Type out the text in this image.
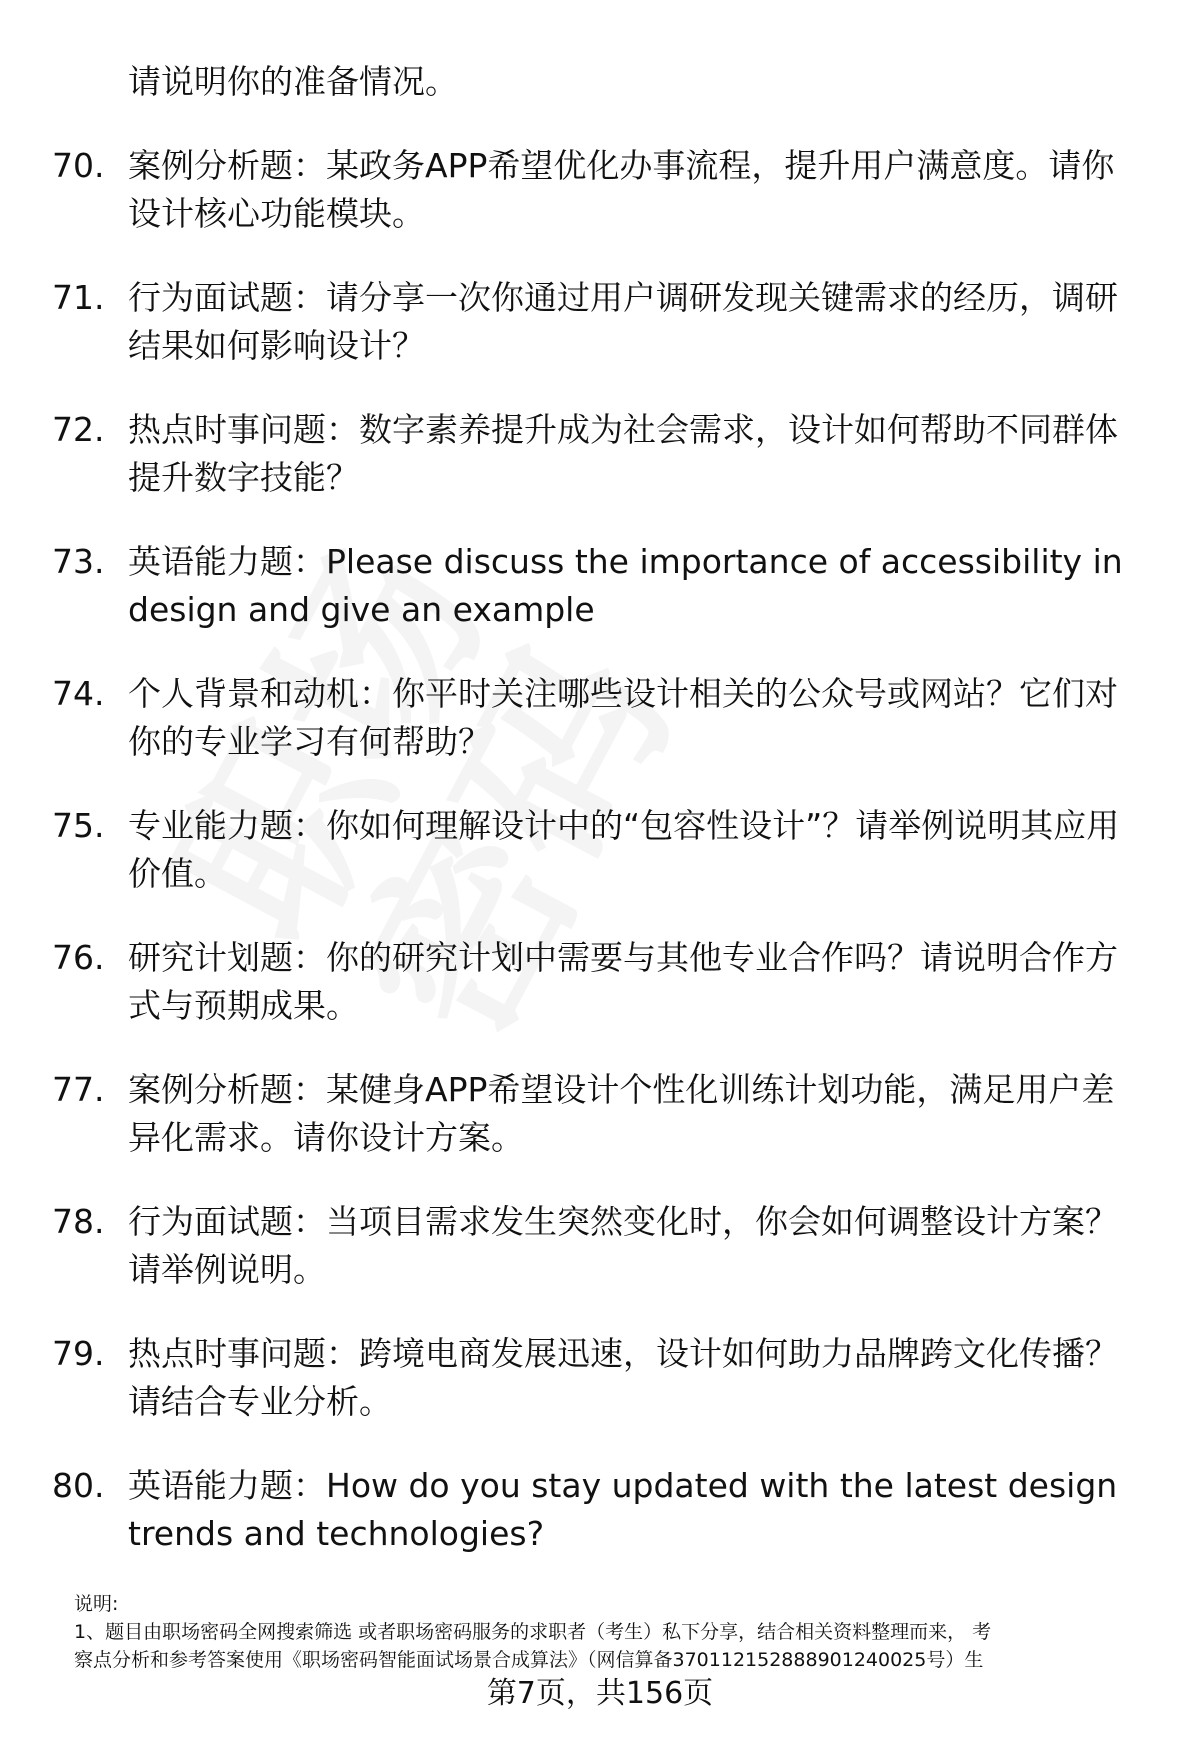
请说明你的准备情况。
70. 案例分析题：某政务APP希望优化办事流程，提升用户满意度。请你设计核心功能模块。
71. 行为面试题：请分享一次你通过用户调研发现关键需求的经历，调研结果如何影响设计？
72. 热点时事问题：数字素养提升成为社会需求，设计如何帮助不同群体提升数字技能？
73. 英语能力题：Please discuss the importance of accessibility in design and give an example
74. 个人背景和动机：你平时关注哪些设计相关的公众号或网站？它们对你的专业学习有何帮助？
75. 专业能力题：你如何理解设计中的“包容性设计”？请举例说明其应用价值。
76. 研究计划题：你的研究计划中需要与其他专业合作吗？请说明合作方式与预期成果。
77. 案例分析题：某健身APP希望设计个性化训练计划功能，满足用户差异化需求。请你设计方案。
78. 行为面试题：当项目需求发生突然变化时，你会如何调整设计方案？请举例说明。
79. 热点时事问题：跨境电商发展迅速，设计如何助力品牌跨文化传播？请结合专业分析。
80. 英语能力题：How do you stay updated with the latest design trends and technologies?
说明:
1、题目由职场密码全网搜索筛选 或者职场密码服务的求职者（考生）私下分享，结合相关资料整理而来， 考
察点分析和参考答案使用《职场密码智能面试场景合成算法》（网信算备370112152888901240025号）生
第7页，共156页
